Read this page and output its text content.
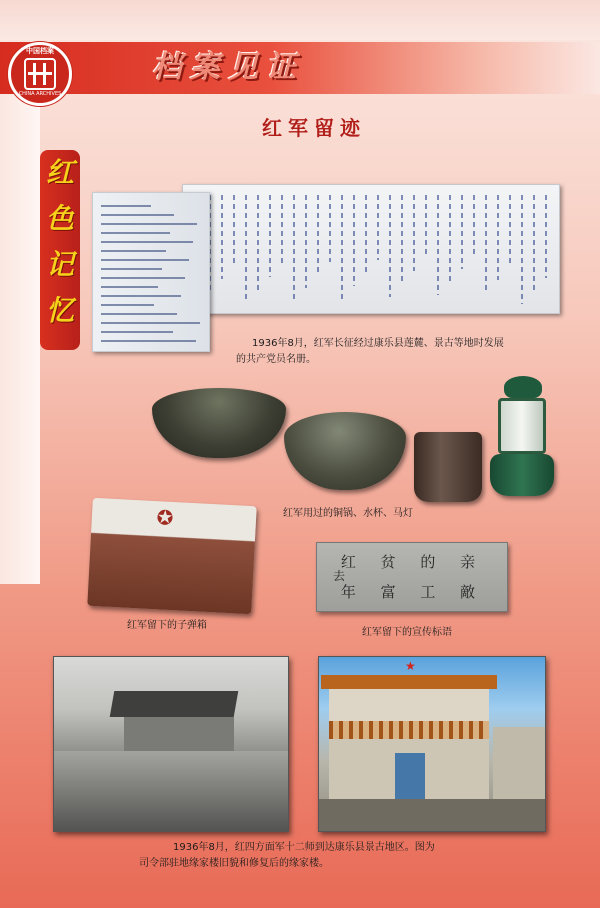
中国档案
CHINA ARCHIVES
档案见证
红
色
记
忆
红军留迹
1936年8月，红军长征经过康乐县莲麓、景古等地时发展
的共产党员名册。
红军用过的铜锅、水杯、马灯
✪
红军留下的子弹箱
红 贫 的 亲
年 富 工 敵
去
红军留下的宣传标语
★
1936年8月，红四方面军十二师到达康乐县景古地区。图为
司令部驻地缘家楼旧貌和修复后的缘家楼。
